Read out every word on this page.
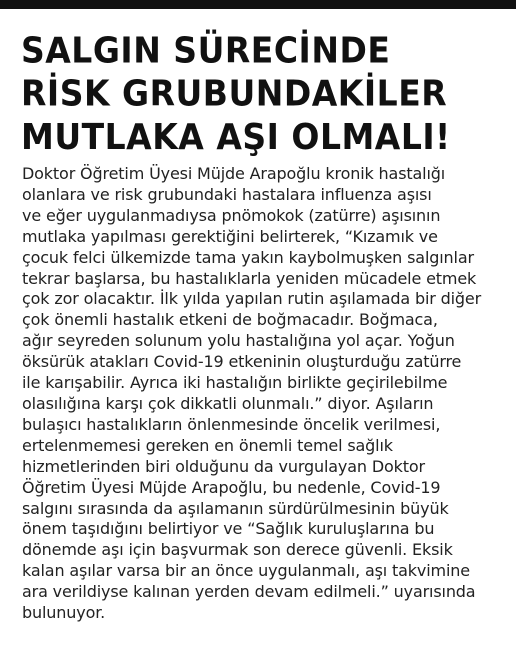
SALGIN SÜRECİNDE
RİSK GRUBUNDAKİLER
MUTLAKA AŞI OLMALI!
Doktor Öğretim Üyesi Müjde Arapoğlu kronik hastalığı
olanlara ve risk grubundaki hastalara influenza aşısı
ve eğer uygulanmadıysa pnömokok (zatürre) aşısının
mutlaka yapılması gerektiğini belirterek, “Kızamık ve
çocuk felci ülkemizde tama yakın kaybolmuşken salgınlar
tekrar başlarsa, bu hastalıklarla yeniden mücadele etmek
çok zor olacaktır. İlk yılda yapılan rutin aşılamada bir diğer
çok önemli hastalık etkeni de boğmacadır. Boğmaca,
ağır seyreden solunum yolu hastalığına yol açar. Yoğun
öksürük atakları Covid-19 etkeninin oluşturduğu zatürre
ile karışabilir. Ayrıca iki hastalığın birlikte geçirilebilme
olasılığına karşı çok dikkatli olunmalı.” diyor. Aşıların
bulaşıcı hastalıkların önlenmesinde öncelik verilmesi,
ertelenmemesi gereken en önemli temel sağlık
hizmetlerinden biri olduğunu da vurgulayan Doktor
Öğretim Üyesi Müjde Arapoğlu, bu nedenle, Covid-19
salgını sırasında da aşılamanın sürdürülmesinin büyük
önem taşıdığını belirtiyor ve “Sağlık kuruluşlarına bu
dönemde aşı için başvurmak son derece güvenli. Eksik
kalan aşılar varsa bir an önce uygulanmalı, aşı takvimine
ara verildiyse kalınan yerden devam edilmeli.” uyarısında
bulunuyor.
